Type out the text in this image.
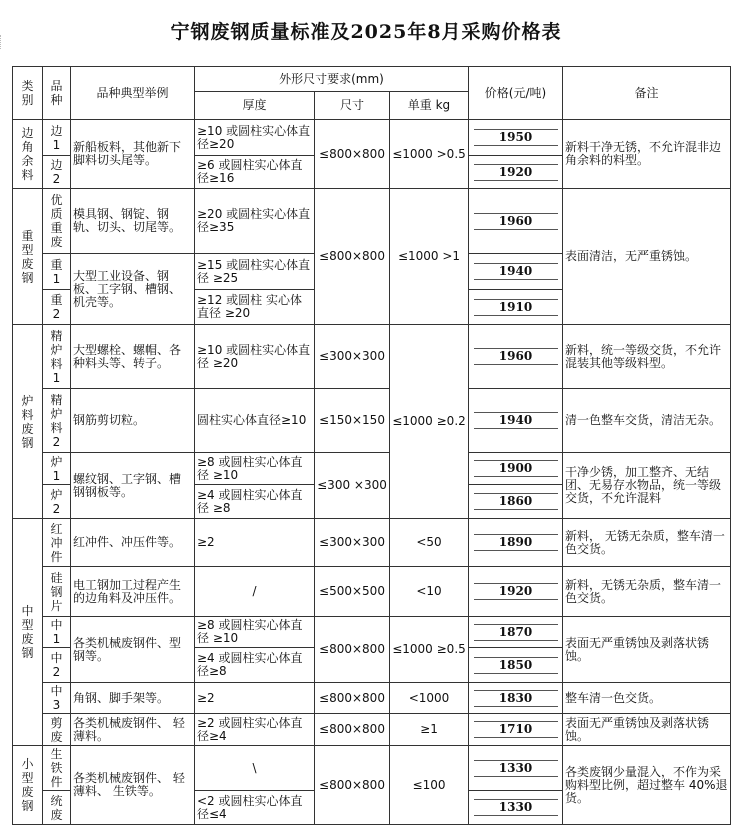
宁钢废钢质量标准及2025年8月采购价格表
类别	品种	品种典型举例	外形尺寸要求(mm)			价格(元/吨)	备注
			厚度	尺寸	单重 kg		
边角余料	边1	新船板料，其他新下脚料切头尾等。	≥10 或圆柱实心体直径≥20	≤800×800	≤1000 >0.5	1950	新料干净无锈，不允许混非边角余料的料型。
	边2		≥6 或圆柱实心体直径≥16			1920	
重型废钢	优质重废	模具钢、钢锭、钢轨、切头、切尾等。	≥20 或圆柱实心体直径≥35	≤800×800	≤1000 >1	1960	表面清洁，无严重锈蚀。
	重1	大型工业设备、钢板、工字钢、槽钢、机壳等。	≥15 或圆柱实心体直径 ≥25			1940	
	重2		≥12 或圆柱 实心体直径 ≥20			1910	
炉料废钢	精炉料1	大型螺栓、螺帽、各种料头等、转子。	≥10 或圆柱实心体直径 ≥20	≤300×300	≤1000 ≥0.2	1960	新料，统一等级交货，不允许混装其他等级料型。
	精炉料2	钢筋剪切粒。	圆柱实心体直径≥10	≤150×150		1940	清一色整车交货，清洁无杂。
	炉1	螺纹钢、工字钢、槽钢钢板等。	≥8 或圆柱实心体直径 ≥10	≤300 ×300		1900	干净少锈，加工整齐、无结团、无易存水物品，统一等级交货，不允许混料
	炉2		≥4 或圆柱实心体直径 ≥8			1860	
中型废钢	红冲件	红冲件、冲压件等。	≥2	≤300×300	<50	1890	新料， 无锈无杂质，整车清一色交货。
	硅钢片	电工钢加工过程产生的边角料及冲压件。	/	≤500×500	<10	1920	新料，无锈无杂质，整车清一色交货。
	中1	各类机械废钢件、型钢等。	≥8 或圆柱实心体直径 ≥10	≤800×800	≤1000 ≥0.5	1870	表面无严重锈蚀及剥落状锈蚀。
	中2		≥4 或圆柱实心体直径≥8			1850	
	中3	角钢、脚手架等。	≥2	≤800×800	<1000	1830	整车清一色交货。
	剪废	各类机械废钢件、 轻薄料。	≥2 或圆柱实心体直径≥4	≤800×800	≥1	1710	表面无严重锈蚀及剥落状锈蚀。
小型废钢	生铁件	各类机械废钢件、 轻薄料、 生铁等。	\	≤800×800	≤100	1330	各类废钢少量混入，不作为采购料型比例，超过整车 40%退货。
	统废		<2 或圆柱实心体直径≤4			1330	
